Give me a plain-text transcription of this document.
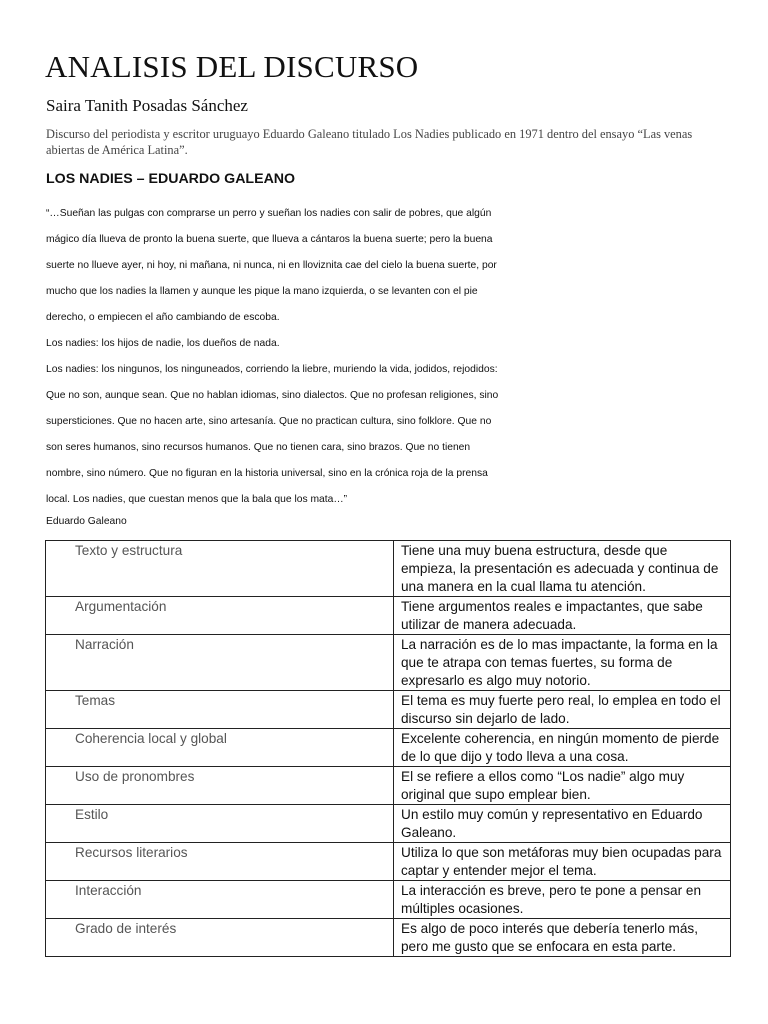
ANALISIS DEL DISCURSO
Saira Tanith Posadas Sánchez
Discurso del periodista y escritor uruguayo Eduardo Galeano titulado Los Nadies publicado en 1971 dentro del ensayo “Las venas abiertas de América Latina”.
LOS NADIES – EDUARDO GALEANO
“…Sueñan las pulgas con comprarse un perro y sueñan los nadies con salir de pobres, que algún
mágico día llueva de pronto la buena suerte, que llueva a cántaros la buena suerte; pero la buena
suerte no llueve ayer, ni hoy, ni mañana, ni nunca, ni en lloviznita cae del cielo la buena suerte, por
mucho que los nadies la llamen y aunque les pique la mano izquierda, o se levanten con el pie
derecho, o empiecen el año cambiando de escoba.
Los nadies: los hijos de nadie, los dueños de nada.
Los nadies: los ningunos, los ninguneados, corriendo la liebre, muriendo la vida, jodidos, rejodidos:
Que no son, aunque sean. Que no hablan idiomas, sino dialectos. Que no profesan religiones, sino
supersticiones. Que no hacen arte, sino artesanía. Que no practican cultura, sino folklore. Que no
son seres humanos, sino recursos humanos. Que no tienen cara, sino brazos. Que no tienen
nombre, sino número. Que no figuran en la historia universal, sino en la crónica roja de la prensa
local. Los nadies, que cuestan menos que la bala que los mata…”
Eduardo Galeano
Texto y estructura	Tiene una muy buena estructura, desde que empieza, la presentación es adecuada y continua de una manera en la cual llama tu atención.
Argumentación	Tiene argumentos reales e impactantes, que sabe utilizar de manera adecuada.
Narración	La narración es de lo mas impactante, la forma en la que te atrapa con temas fuertes, su forma de expresarlo es algo muy notorio.
Temas	El tema es muy fuerte pero real, lo emplea en todo el discurso sin dejarlo de lado.
Coherencia local y global	Excelente coherencia, en ningún momento de pierde de lo que dijo y todo lleva a una cosa.
Uso de pronombres	El se refiere a ellos como “Los nadie” algo muy original que supo emplear bien.
Estilo	Un estilo muy común y representativo en Eduardo Galeano.
Recursos literarios	Utiliza lo que son metáforas muy bien ocupadas para captar y entender mejor el tema.
Interacción	La interacción es breve, pero te pone a pensar en múltiples ocasiones.
Grado de interés	Es algo de poco interés que debería tenerlo más, pero me gusto que se enfocara en esta parte.
